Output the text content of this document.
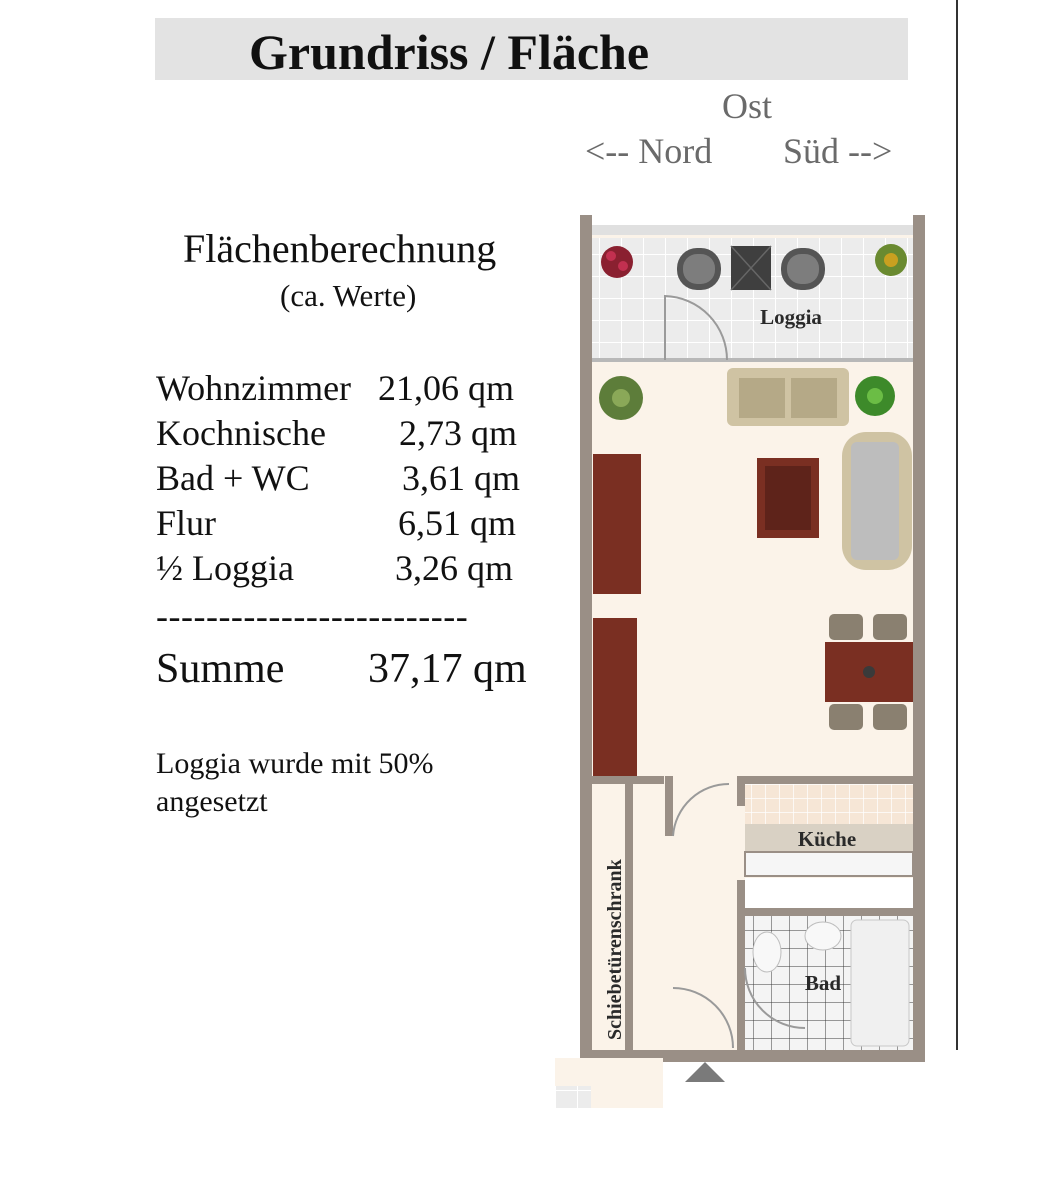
Grundriss / Fläche
Ost
<-- Nord Süd -->
Flächenberechnung
(ca. Werte)
Wohnzimmer 21,06 qm
Kochnische 2,73 qm
Bad + WC	3,61 qm
Flur	6,51 qm
½ Loggia	3,26 qm
-------------------------
Summe 37,17 qm
Loggia wurde mit 50% angesetzt
Loggia
Küche
Bad
Schiebetürenschrank
